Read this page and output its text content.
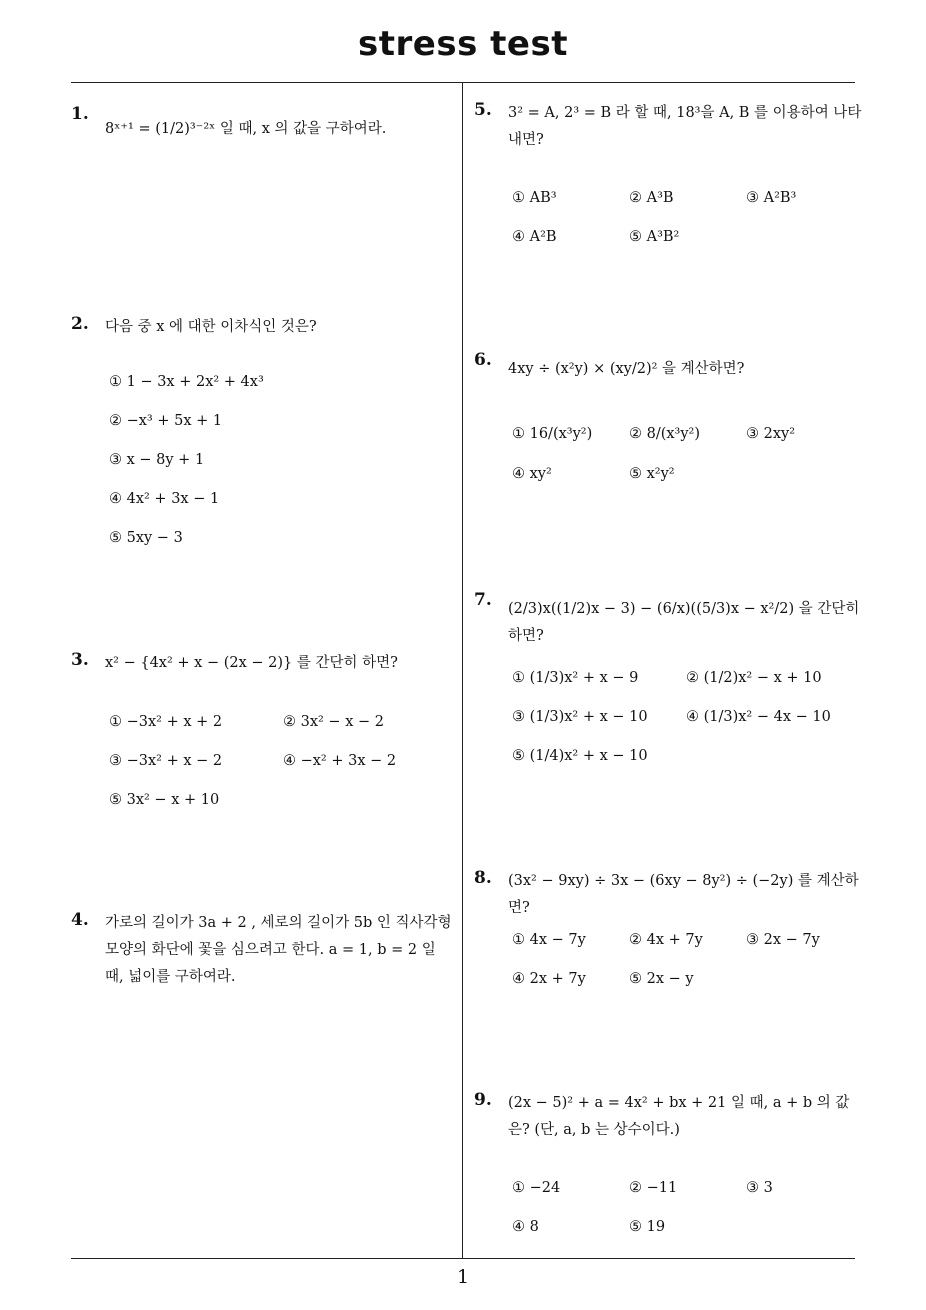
stress test
1
1.
8ˣ⁺¹ = (1/2)³⁻²ˣ 일 때, x 의 값을 구하여라.
2. 다음 중 x 에 대한 이차식인 것은?
① 1 − 3x + 2x² + 4x³
② −x³ + 5x + 1
③ x − 8y + 1
④ 4x² + 3x − 1
⑤ 5xy − 3
3. x² − {4x² + x − (2x − 2)} 를 간단히 하면?
① −3x² + x + 2	② 3x² − x − 2
③ −3x² + x − 2	④ −x² + 3x − 2
⑤ 3x² − x + 10
4. 가로의 길이가 3a + 2 , 세로의 길이가 5b 인 직사각형 모양의 화단에 꽃을 심으려고 한다. a = 1, b = 2 일 때, 넓이를 구하여라.
5. 3² = A, 2³ = B 라 할 때, 18³을 A, B 를 이용하여 나타내면?
① AB³	② A³B	③ A²B³
④ A²B	⑤ A³B²
6. 4xy ÷ (x²y) × (xy/2)² 을 계산하면?
① 16/(x³y²)	② 8/(x³y²)	③ 2xy²
④ xy²	⑤ x²y²
7. (2/3)x((1/2)x − 3) − (6/x)((5/3)x − x²/2) 을 간단히 하면?
① (1/3)x² + x − 9	② (1/2)x² − x + 10
③ (1/3)x² + x − 10	④ (1/3)x² − 4x − 10
⑤ (1/4)x² + x − 10
8. (3x² − 9xy) ÷ 3x − (6xy − 8y²) ÷ (−2y) 를 계산하면?
① 4x − 7y	② 4x + 7y	③ 2x − 7y
④ 2x + 7y	⑤ 2x − y
9. (2x − 5)² + a = 4x² + bx + 21 일 때, a + b 의 값은? (단, a, b 는 상수이다.)
① −24	② −11	③ 3
④ 8	⑤ 19
